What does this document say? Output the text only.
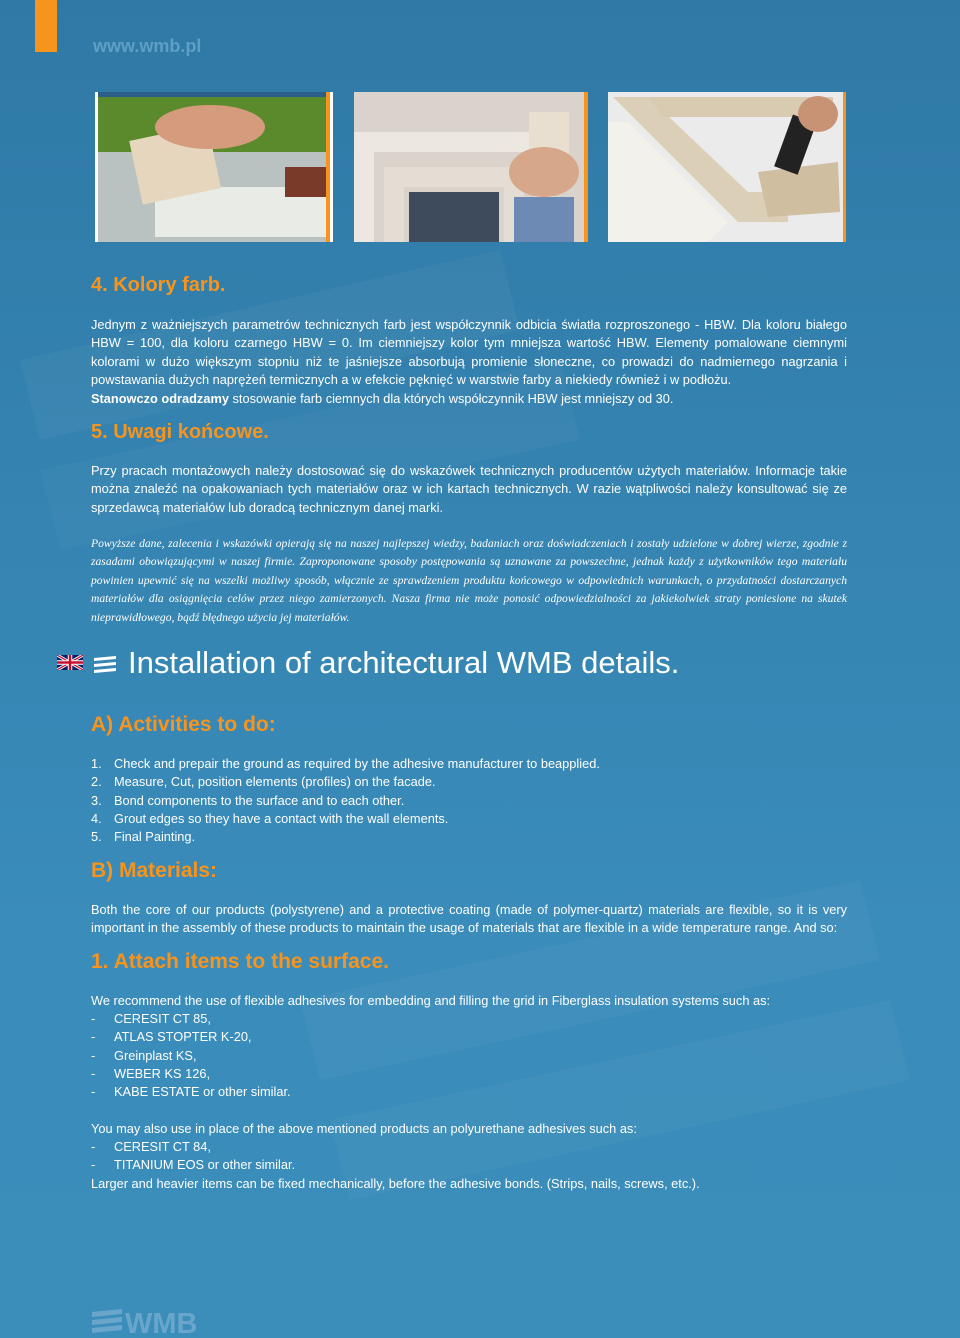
www.wmb.pl
4. Kolory farb.
Jednym z ważniejszych parametrów technicznych farb jest współczynnik odbicia światła rozproszonego - HBW. Dla koloru białego HBW = 100, dla koloru czarnego HBW = 0. Im ciemniejszy kolor tym mniejsza wartość HBW. Elementy pomalowane ciemnymi kolorami w dużo większym stopniu niż te jaśniejsze absorbują promienie słoneczne, co prowadzi do nadmiernego nagrzania i powstawania dużych naprężeń termicznych a w efekcie pęknięć w warstwie farby a niekiedy również i w podłożu.
Stanowczo odradzamy stosowanie farb ciemnych dla których współczynnik HBW jest mniejszy od 30.
5. Uwagi końcowe.
Przy pracach montażowych należy dostosować się do wskazówek technicznych producentów użytych materiałów. Informacje takie można znaleźć na opakowaniach tych materiałów oraz w ich kartach technicznych. W razie wątpliwości należy konsultować się ze sprzedawcą materiałów lub doradcą technicznym danej marki.
Powyższe dane, zalecenia i wskazówki opierają się na naszej najlepszej wiedzy, badaniach oraz doświadczeniach i zostały udzielone w dobrej wierze, zgodnie z zasadami obowiązującymi w naszej firmie. Zaproponowane sposoby postępowania są uznawane za powszechne, jednak każdy z użytkowników tego materiału powinien upewnić się na wszelki możliwy sposób, włącznie ze sprawdzeniem produktu końcowego w odpowiednich warunkach, o przydatności dostarczanych materiałów dla osiągnięcia celów przez niego zamierzonych. Nasza firma nie może ponosić odpowiedzialności za jakiekolwiek straty poniesione na skutek nieprawidłowego, bądź błędnego użycia jej materiałów.
Installation of architectural WMB details.
A) Activities to do:
1. Check and prepair the ground as required by the adhesive manufacturer to beapplied.
2. Measure, Cut, position elements (profiles) on the facade.
3. Bond components to the surface and to each other.
4. Grout edges so they have a contact with the wall elements.
5. Final Painting.
B) Materials:
Both the core of our products (polystyrene) and a protective coating (made of polymer-quartz) materials are flexible, so it is very important in the assembly of these products to maintain the usage of materials that are flexible in a wide temperature range. And so:
1. Attach items to the surface.
We recommend the use of flexible adhesives for embedding and filling the grid in Fiberglass insulation systems such as:
-	CERESIT CT 85,
-	ATLAS STOPTER K-20,
-	Greinplast KS,
-	WEBER KS 126,
-	KABE ESTATE or other similar.
You may also use in place of the above mentioned products an polyurethane adhesives such as:
-	CERESIT CT 84,
-	TITANIUM EOS or other similar.
Larger and heavier items can be fixed mechanically, before the adhesive bonds. (Strips, nails, screws, etc.).
WMB
